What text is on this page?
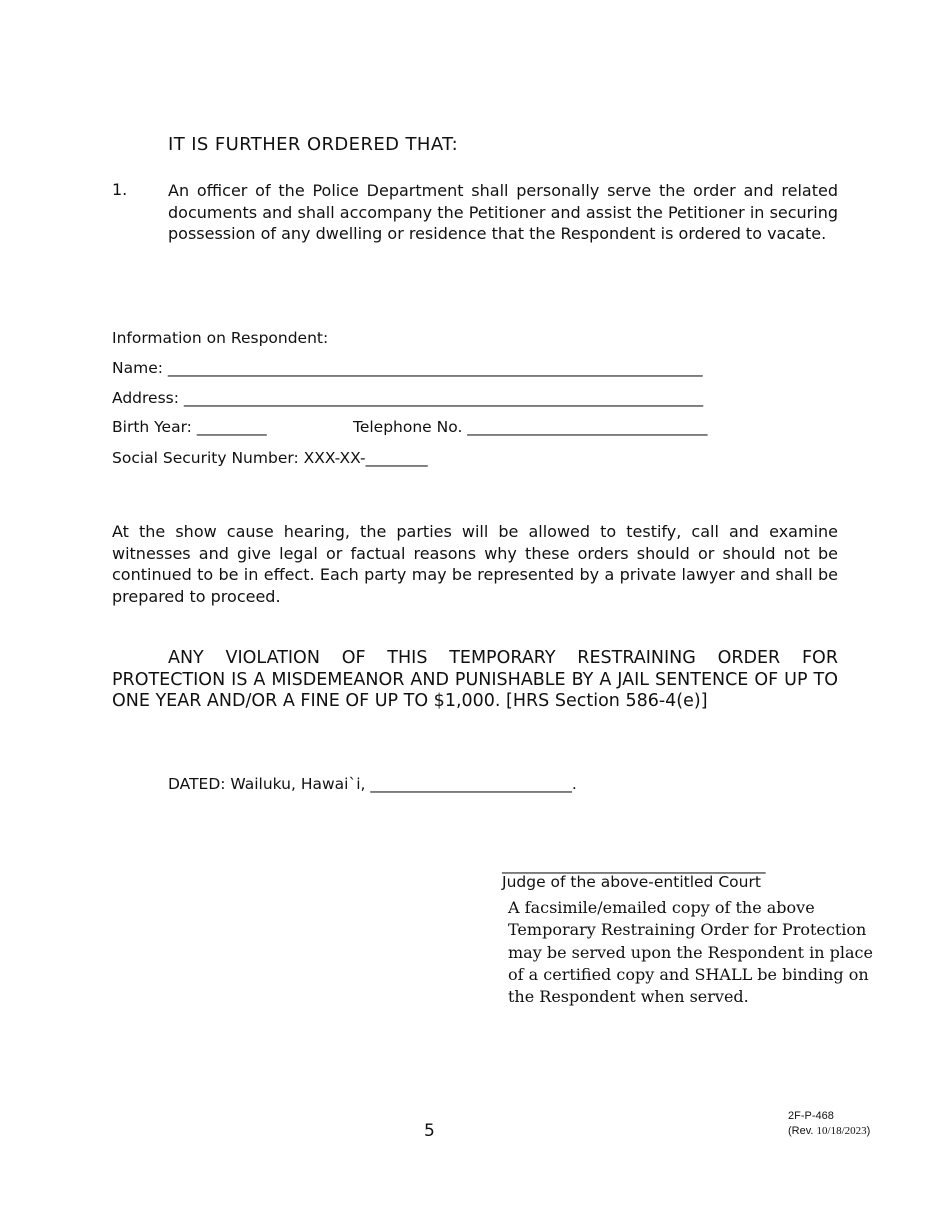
IT IS FURTHER ORDERED THAT:
1.	An officer of the Police Department shall personally serve the order and related documents and shall accompany the Petitioner and assist the Petitioner in securing possession of any dwelling or residence that the Respondent is ordered to vacate.
Information on Respondent:
Name: _____________________________________________________________________
Address: ___________________________________________________________________
Birth Year: _________	Telephone No. _______________________________
Social Security Number: XXX-XX-________
At the show cause hearing, the parties will be allowed to testify, call and examine witnesses and give legal or factual reasons why these orders should or should not be continued to be in effect. Each party may be represented by a private lawyer and shall be prepared to proceed.
ANY VIOLATION OF THIS TEMPORARY RESTRAINING ORDER FOR PROTECTION IS A MISDEMEANOR AND PUNISHABLE BY A JAIL SENTENCE OF UP TO ONE YEAR AND/OR A FINE OF UP TO $1,000. [HRS Section 586-4(e)]
DATED: Wailuku, Hawai`i, __________________________.
__________________________________
Judge of the above-entitled Court
A facsimile/emailed copy of the above Temporary Restraining Order for Protection may be served upon the Respondent in place of a certified copy and SHALL be binding on the Respondent when served.
5
2F-P-468
(Rev. 10/18/2023)
